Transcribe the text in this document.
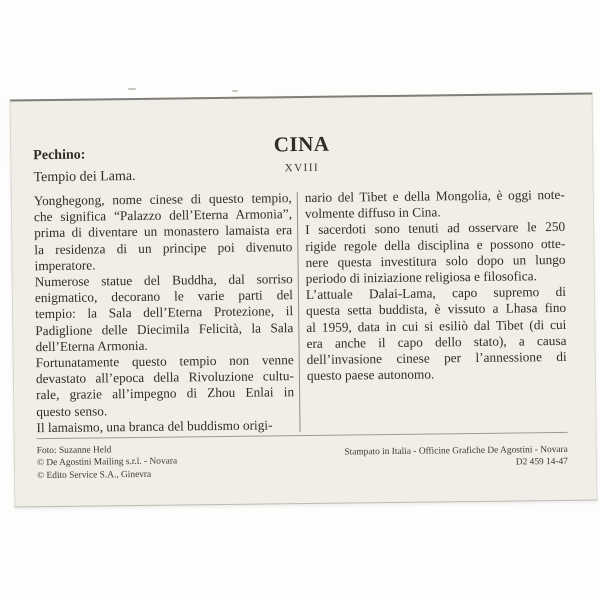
CINA
XVIII
Pechino:
Tempio dei Lama.
Yonghegong, nome cinese di questo tempio,
che significa “Palazzo dell’Eterna Armonia”,
prima di diventare un monastero lamaista era
la residenza di un principe poi divenuto
imperatore.
Numerose statue del Buddha, dal sorriso
enigmatico, decorano le varie parti del
tempio: la Sala dell’Eterna Protezione, il
Padiglione delle Diecimila Felicità, la Sala
dell’Eterna Armonia.
Fortunatamente questo tempio non venne
devastato all’epoca della Rivoluzione cultu-
rale, grazie all’impegno di Zhou Enlai in
questo senso.
Il lamaismo, una branca del buddismo origi-
nario del Tibet e della Mongolia, è oggi note-
volmente diffuso in Cina.
I sacerdoti sono tenuti ad osservare le 250
rigide regole della disciplina e possono otte-
nere questa investitura solo dopo un lungo
periodo di iniziazione religiosa e filosofica.
L’attuale Dalai-Lama, capo supremo di
questa setta buddista, è vissuto a Lhasa fino
al 1959, data in cui si esiliò dal Tibet (di cui
era anche il capo dello stato), a causa
dell’invasione cinese per l’annessione di
questo paese autonomo.
Foto: Suzanne Held
© De Agostini Mailing s.r.l. - Novara
© Edito Service S.A., Ginevra
Stampato in Italia - Officine Grafiche De Agostini - Novara
D2 459 14-47
